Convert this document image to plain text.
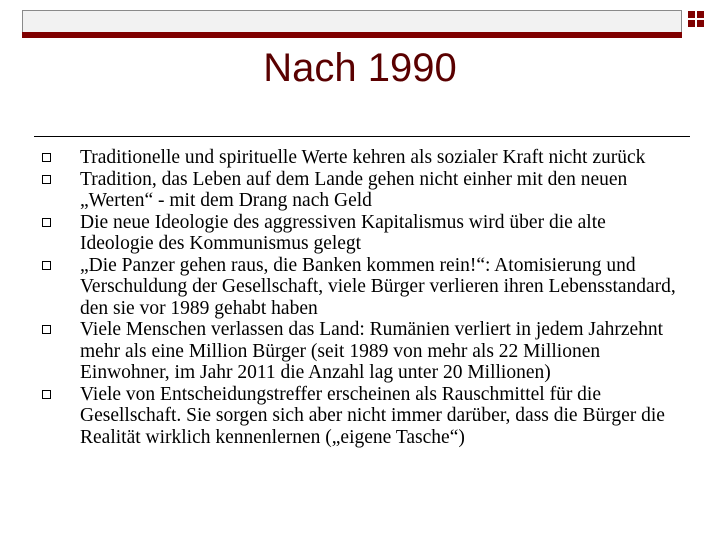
Nach 1990
Traditionelle und spirituelle Werte kehren als sozialer Kraft nicht zurück
Tradition, das Leben auf dem Lande gehen nicht einher mit den neuen „Werten“ - mit dem Drang nach Geld
Die neue Ideologie des aggressiven Kapitalismus wird über die alte Ideologie des Kommunismus gelegt
„Die Panzer gehen raus, die Banken kommen rein!“: Atomisierung und Verschuldung der Gesellschaft, viele Bürger verlieren ihren Lebensstandard, den sie vor 1989 gehabt haben
Viele Menschen verlassen das Land: Rumänien verliert in jedem Jahrzehnt mehr als eine Million Bürger (seit 1989 von mehr als 22 Millionen Einwohner, im Jahr 2011 die Anzahl lag unter 20 Millionen)
Viele von Entscheidungstreffer erscheinen als Rauschmittel für die Gesellschaft. Sie sorgen sich aber nicht immer darüber, dass die Bürger die Realität wirklich kennenlernen („eigene Tasche“)
